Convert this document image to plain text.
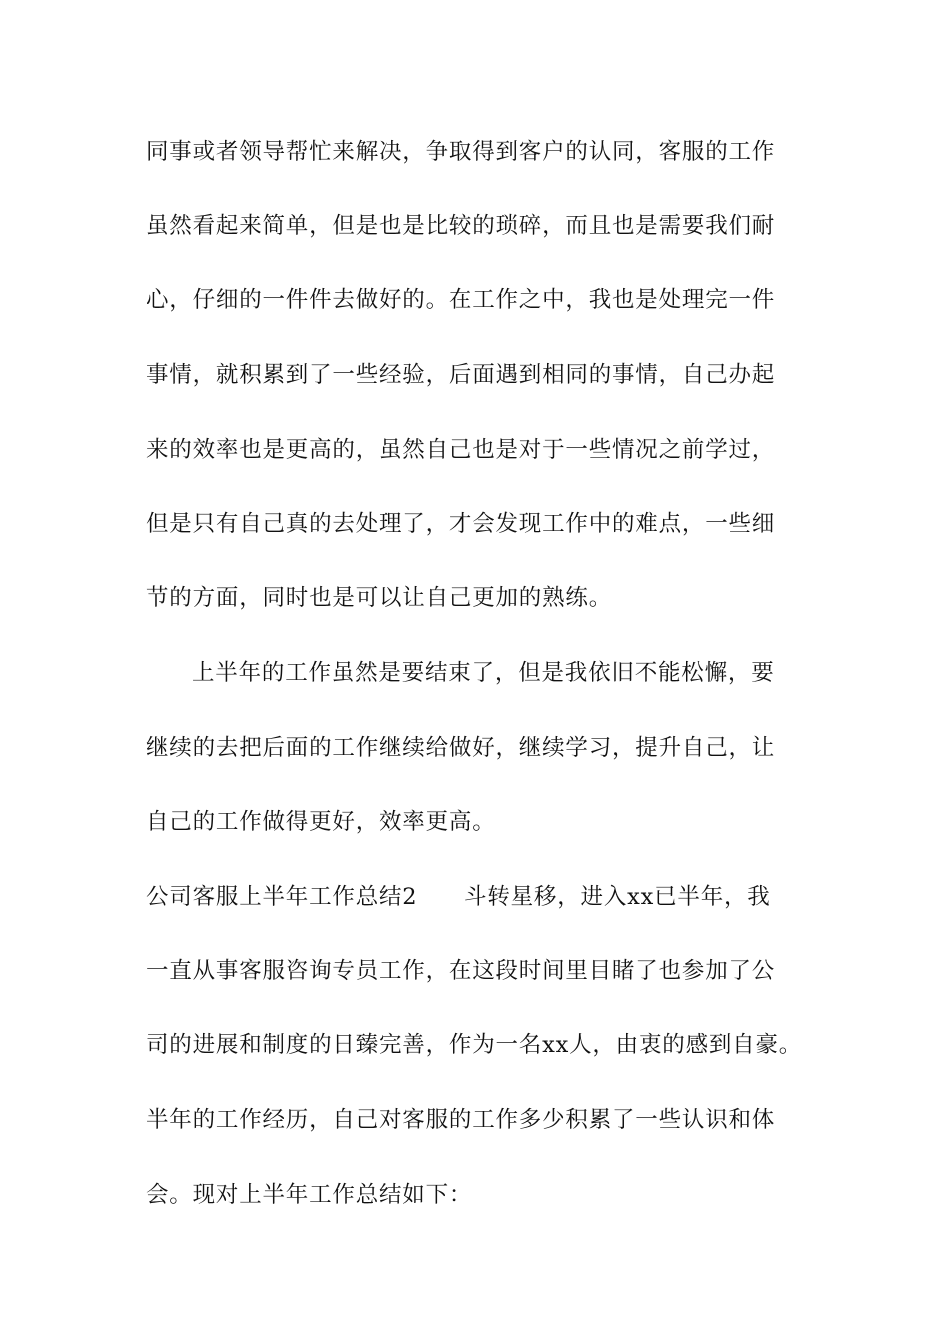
同事或者领导帮忙来解决，争取得到客户的认同，客服的工作
虽然看起来简单，但是也是比较的琐碎，而且也是需要我们耐
心，仔细的一件件去做好的。在工作之中，我也是处理完一件
事情，就积累到了一些经验，后面遇到相同的事情，自己办起
来的效率也是更高的，虽然自己也是对于一些情况之前学过，
但是只有自己真的去处理了，才会发现工作中的难点，一些细
节的方面，同时也是可以让自己更加的熟练。
上半年的工作虽然是要结束了，但是我依旧不能松懈，要
继续的去把后面的工作继续给做好，继续学习，提升自己，让
自己的工作做得更好，效率更高。
公司客服上半年工作总结2　　斗转星移，进入xx已半年，我
一直从事客服咨询专员工作，在这段时间里目睹了也参加了公
司的进展和制度的日臻完善，作为一名xx人，由衷的感到自豪。
半年的工作经历，自己对客服的工作多少积累了一些认识和体
会。现对上半年工作总结如下：
